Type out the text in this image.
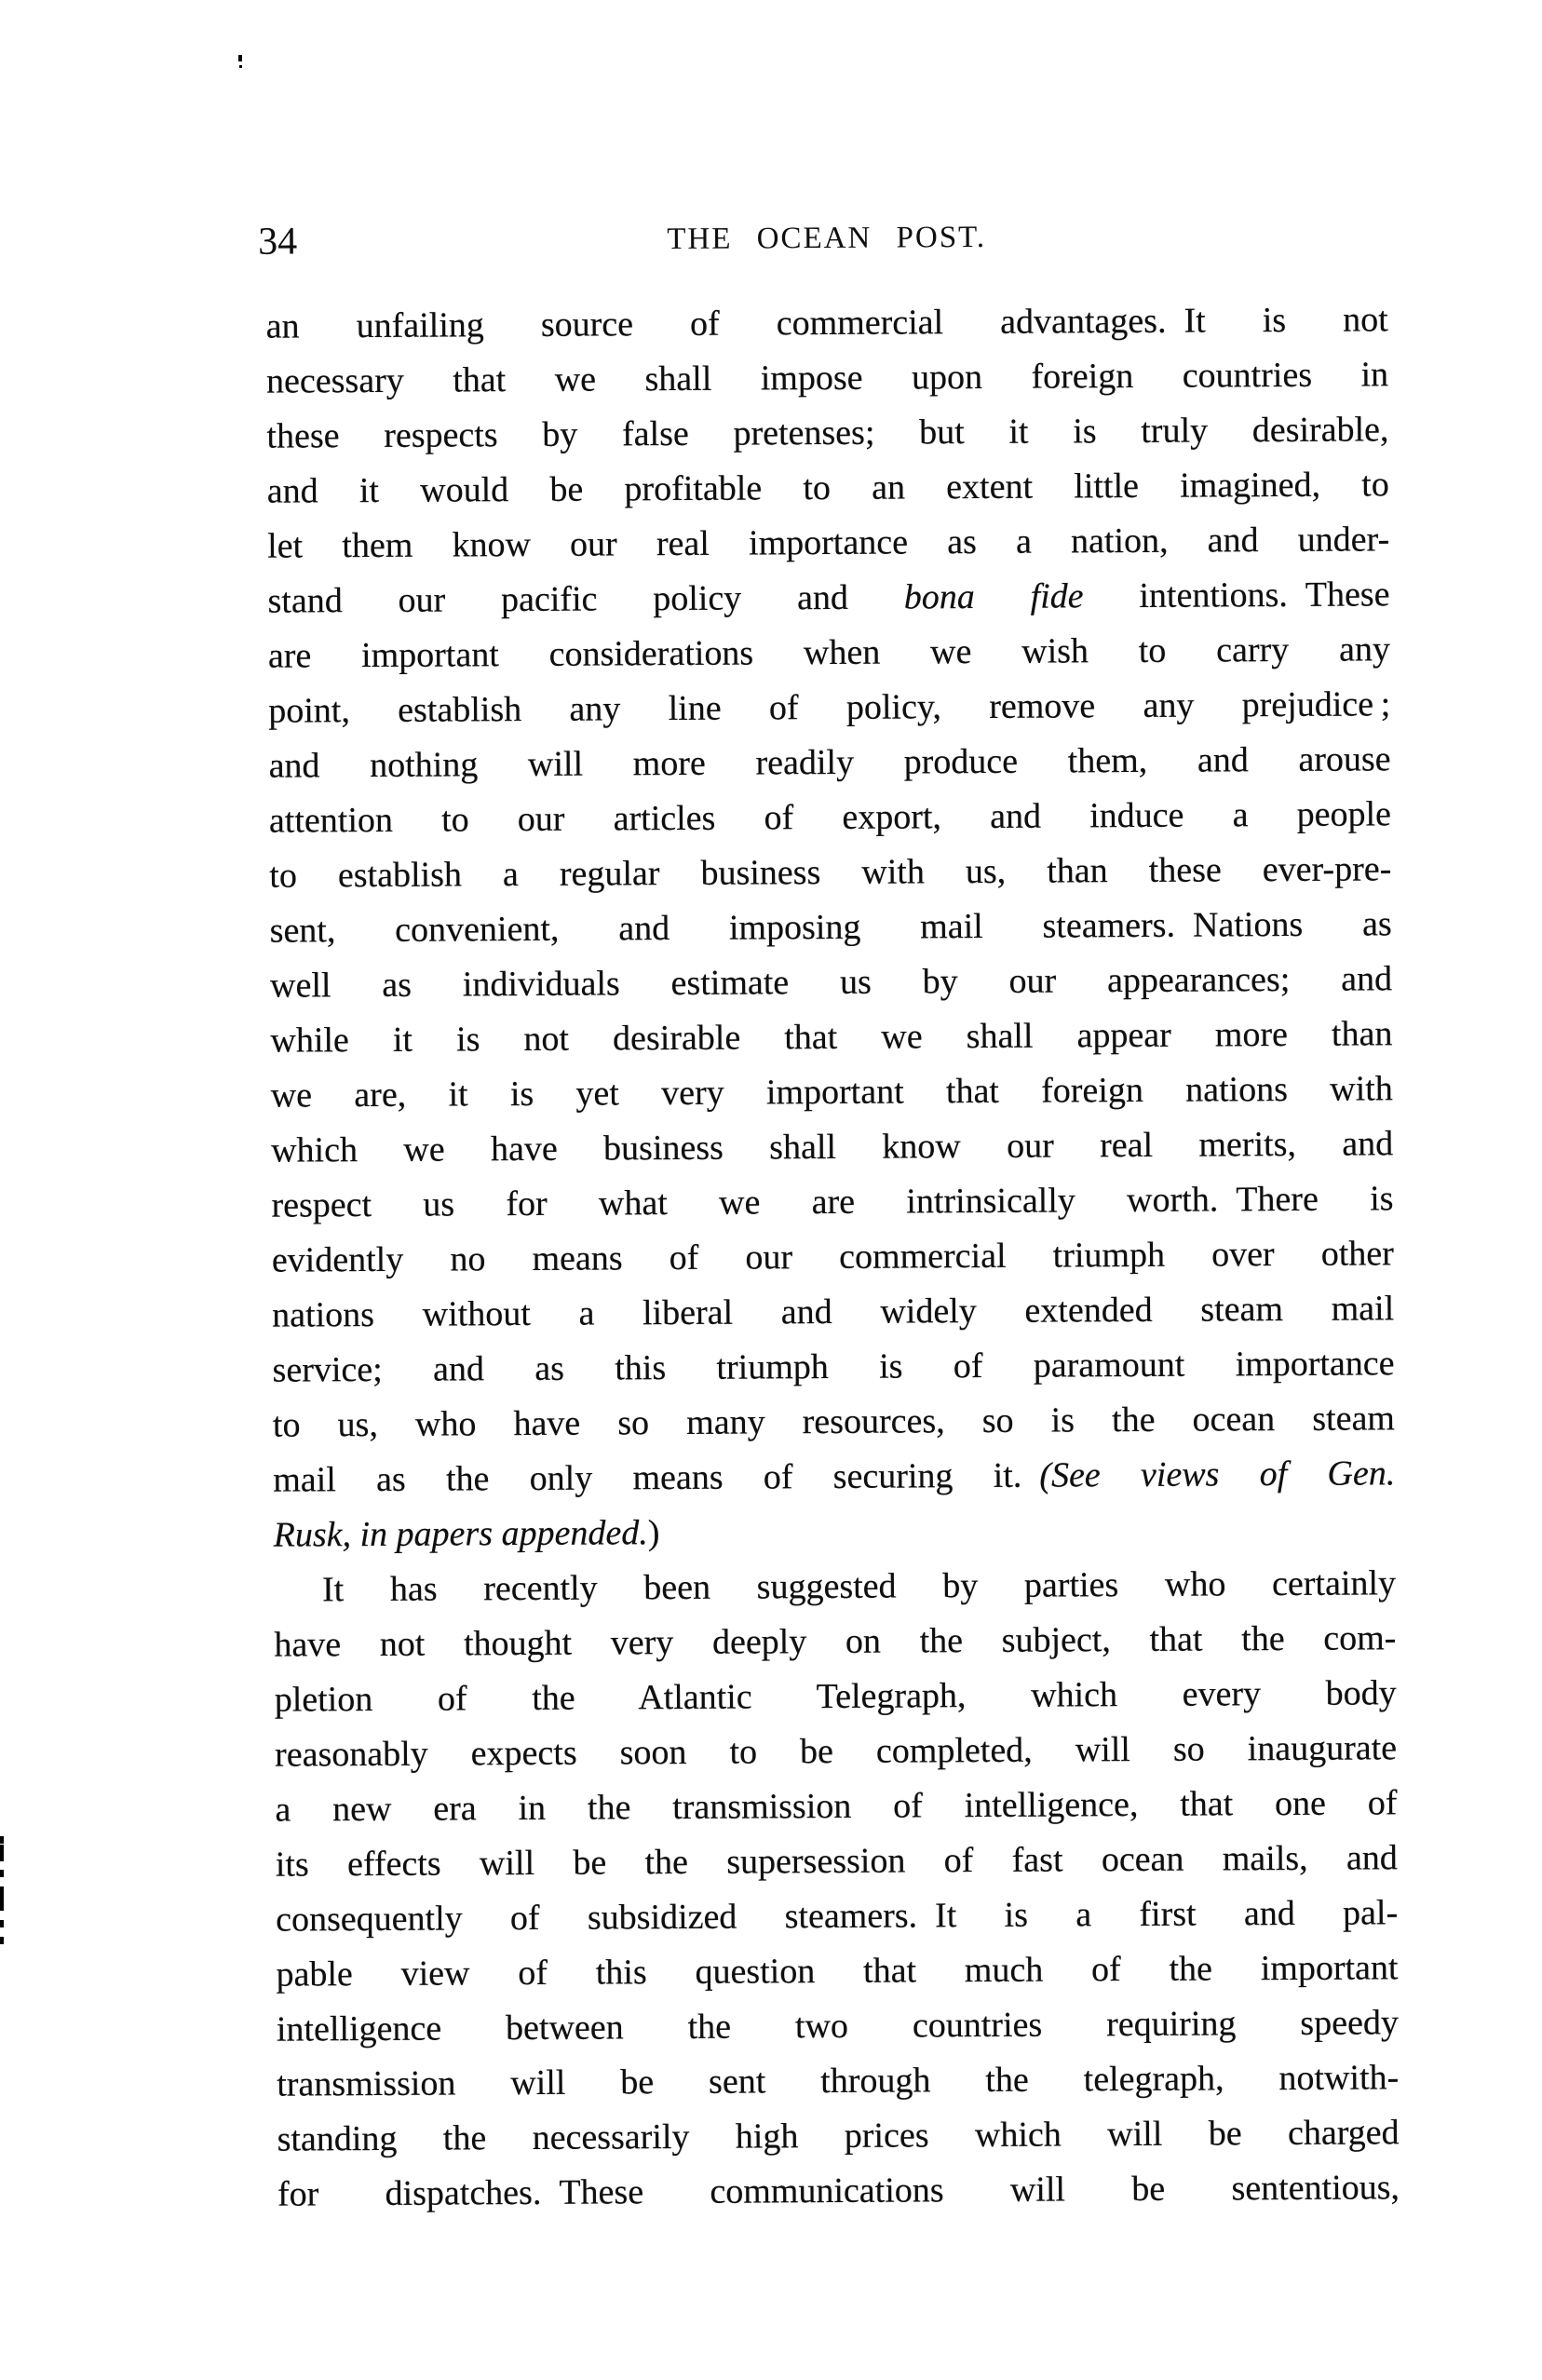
34	THE OCEAN POST.
an unfailing source of commercial advantages. It is not
necessary that we shall impose upon foreign countries in
these respects by false pretenses; but it is truly desirable,
and it would be profitable to an extent little imagined, to
let them know our real importance as a nation, and under-
stand our pacific policy and bona fide intentions. These
are important considerations when we wish to carry any
point, establish any line of policy, remove any prejudice ;
and nothing will more readily produce them, and arouse
attention to our articles of export, and induce a people
to establish a regular business with us, than these ever-pre-
sent, convenient, and imposing mail steamers. Nations as
well as individuals estimate us by our appearances; and
while it is not desirable that we shall appear more than
we are, it is yet very important that foreign nations with
which we have business shall know our real merits, and
respect us for what we are intrinsically worth. There is
evidently no means of our commercial triumph over other
nations without a liberal and widely extended steam mail
service; and as this triumph is of paramount importance
to us, who have so many resources, so is the ocean steam
mail as the only means of securing it. (See views of Gen.
Rusk, in papers appended.)
It has recently been suggested by parties who certainly
have not thought very deeply on the subject, that the com-
pletion of the Atlantic Telegraph, which every body
reasonably expects soon to be completed, will so inaugurate
a new era in the transmission of intelligence, that one of
its effects will be the supersession of fast ocean mails, and
consequently of subsidized steamers. It is a first and pal-
pable view of this question that much of the important
intelligence between the two countries requiring speedy
transmission will be sent through the telegraph, notwith-
standing the necessarily high prices which will be charged
for dispatches. These communications will be sententious,
